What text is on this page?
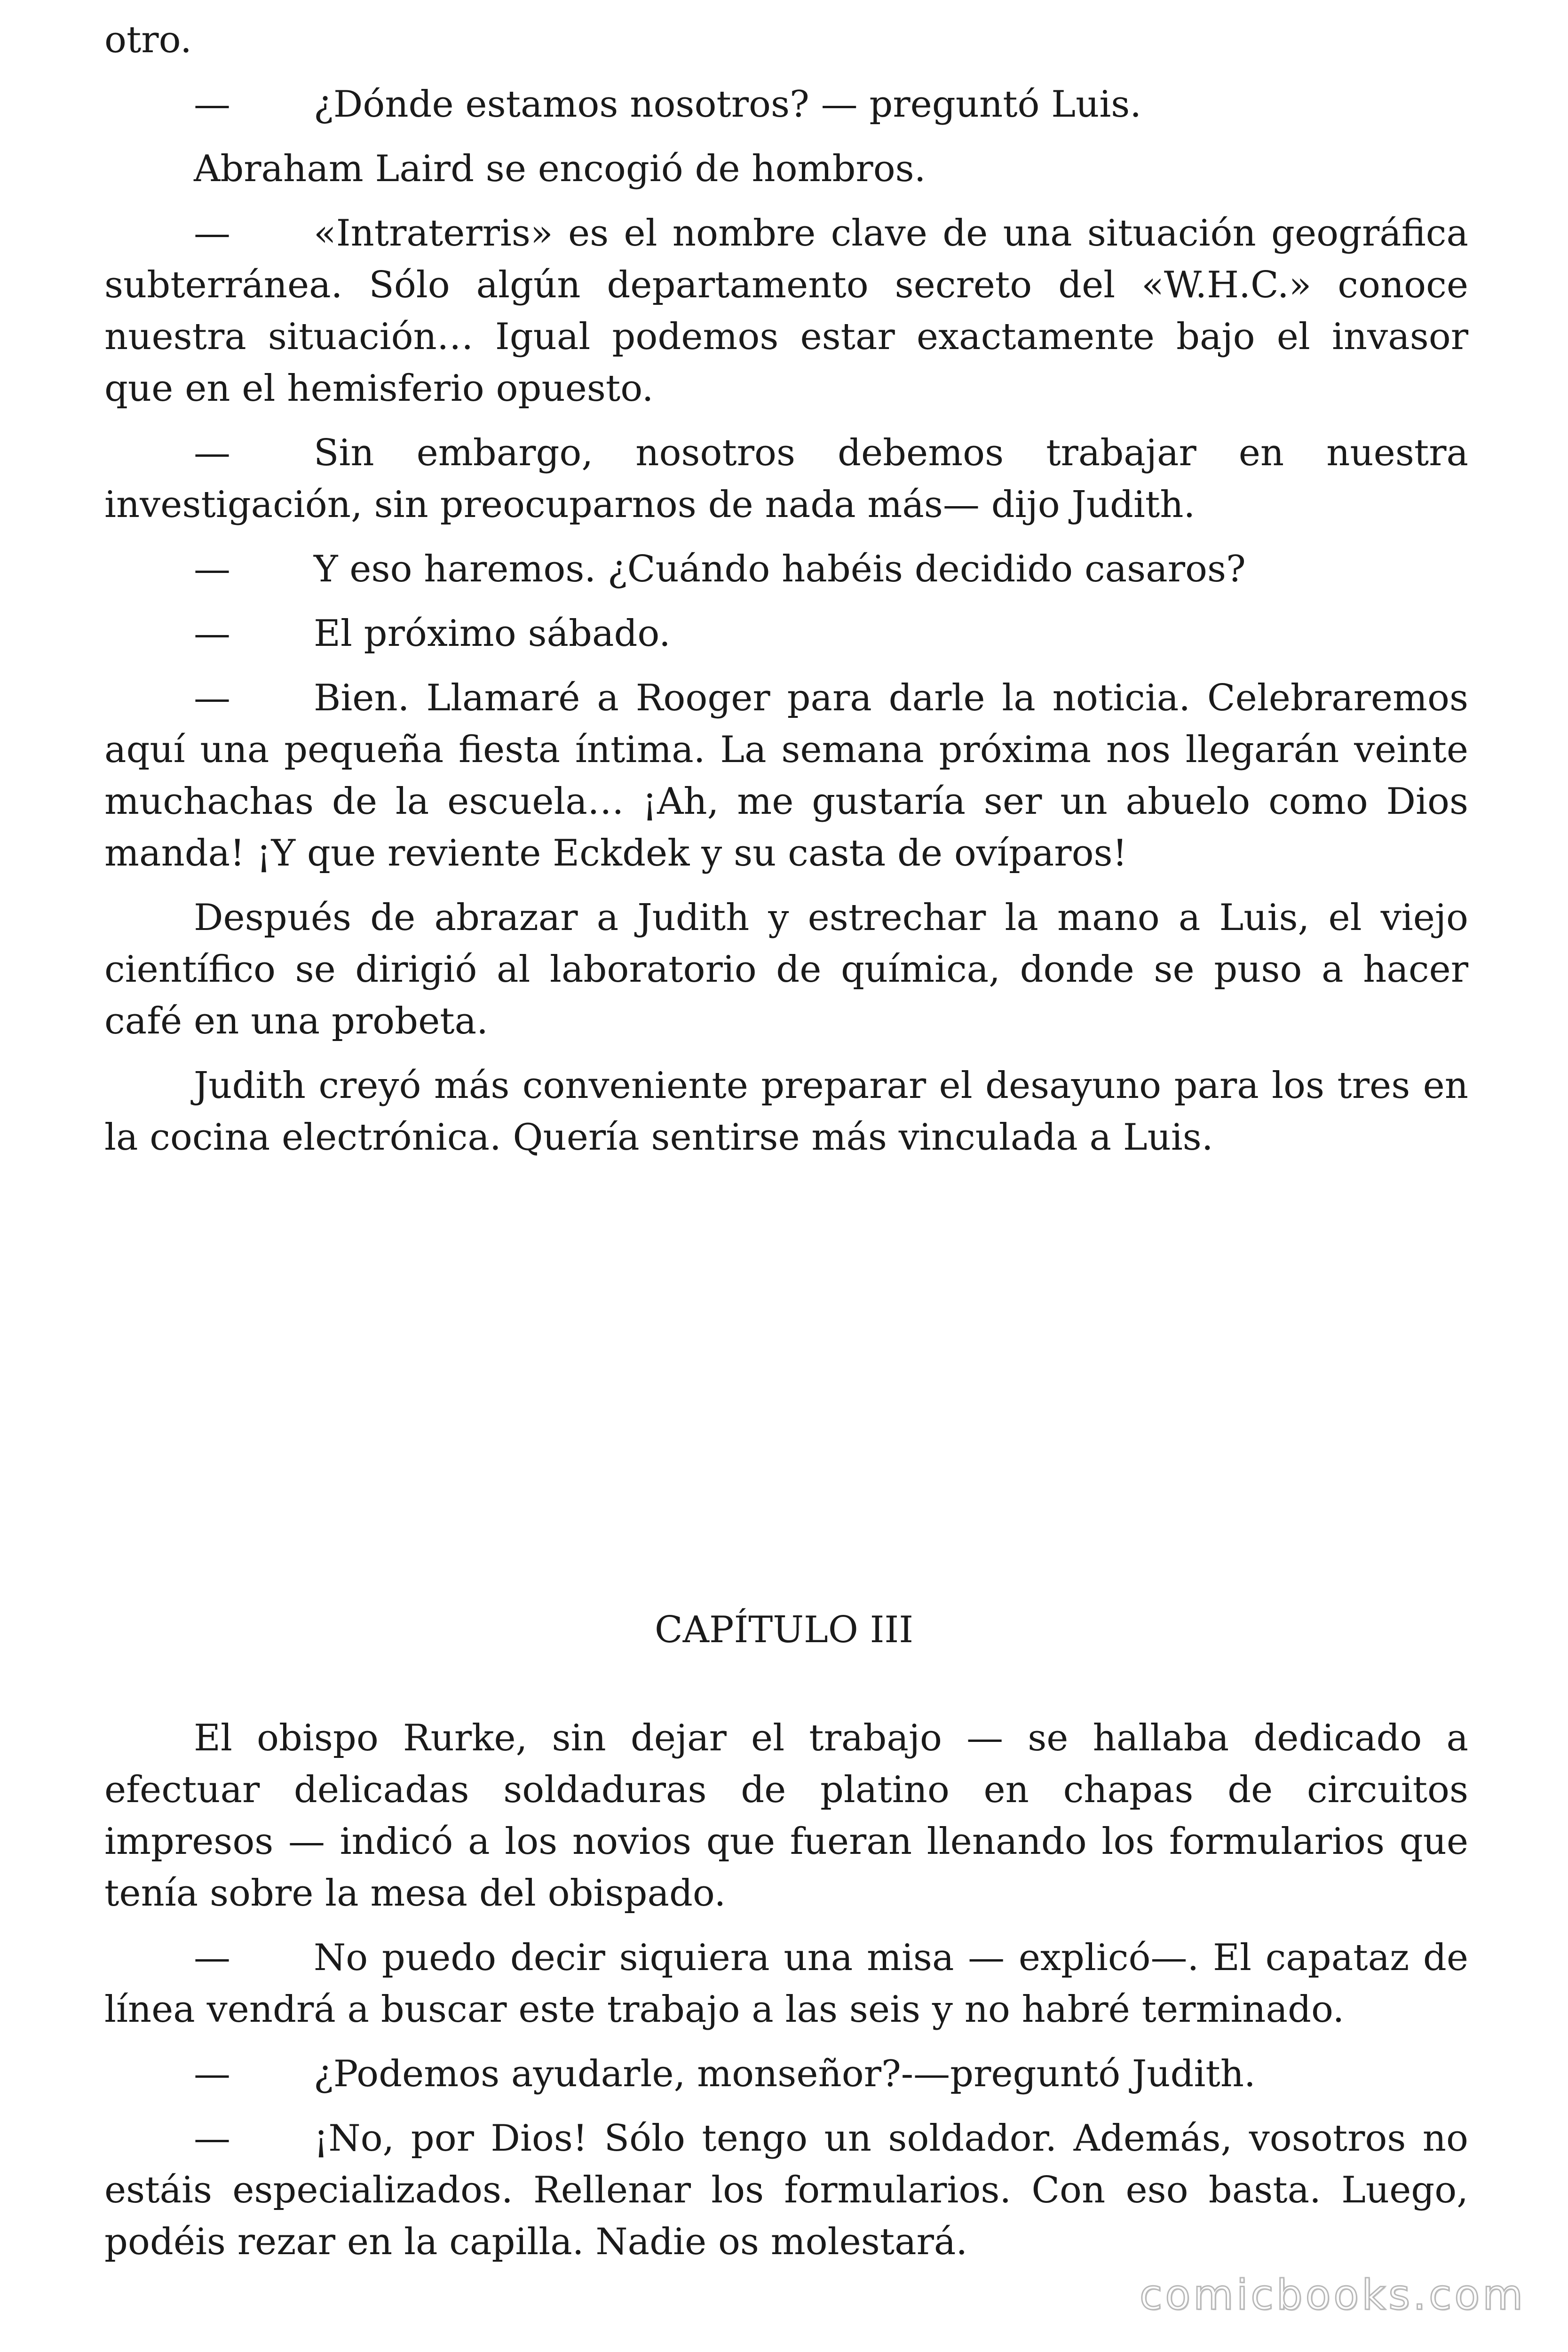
otro.

— ¿Dónde estamos nosotros? — preguntó Luis.

Abraham Laird se encogió de hombros.

— «Intraterris» es el nombre clave de una situación geográfica subterránea. Sólo algún departamento secreto del «W.H.C.» conoce nuestra situación… Igual podemos estar exactamente bajo el invasor que en el hemisferio opuesto.

— Sin embargo, nosotros debemos trabajar en nuestra investigación, sin preocuparnos de nada más— dijo Judith.

— Y eso haremos. ¿Cuándo habéis decidido casaros?

— El próximo sábado.

— Bien. Llamaré a Rooger para darle la noticia. Celebraremos aquí una pequeña fiesta íntima. La semana próxima nos llegarán veinte muchachas de la escuela… ¡Ah, me gustaría ser un abuelo como Dios manda! ¡Y que reviente Eckdek y su casta de ovíparos!

Después de abrazar a Judith y estrechar la mano a Luis, el viejo científico se dirigió al laboratorio de química, donde se puso a hacer café en una probeta.

Judith creyó más conveniente preparar el desayuno para los tres en la cocina electrónica. Quería sentirse más vinculada a Luis.

CAPÍTULO III

El obispo Rurke, sin dejar el trabajo — se hallaba dedicado a efectuar delicadas soldaduras de platino en chapas de circuitos impresos — indicó a los novios que fueran llenando los formularios que tenía sobre la mesa del obispado.

— No puedo decir siquiera una misa — explicó—. El capataz de línea vendrá a buscar este trabajo a las seis y no habré terminado.

— ¿Podemos ayudarle, monseñor?-—preguntó Judith.

— ¡No, por Dios! Sólo tengo un soldador. Además, vosotros no estáis especializados. Rellenar los formularios. Con eso basta. Luego, podéis rezar en la capilla. Nadie os molestará.

comicbooks.com
